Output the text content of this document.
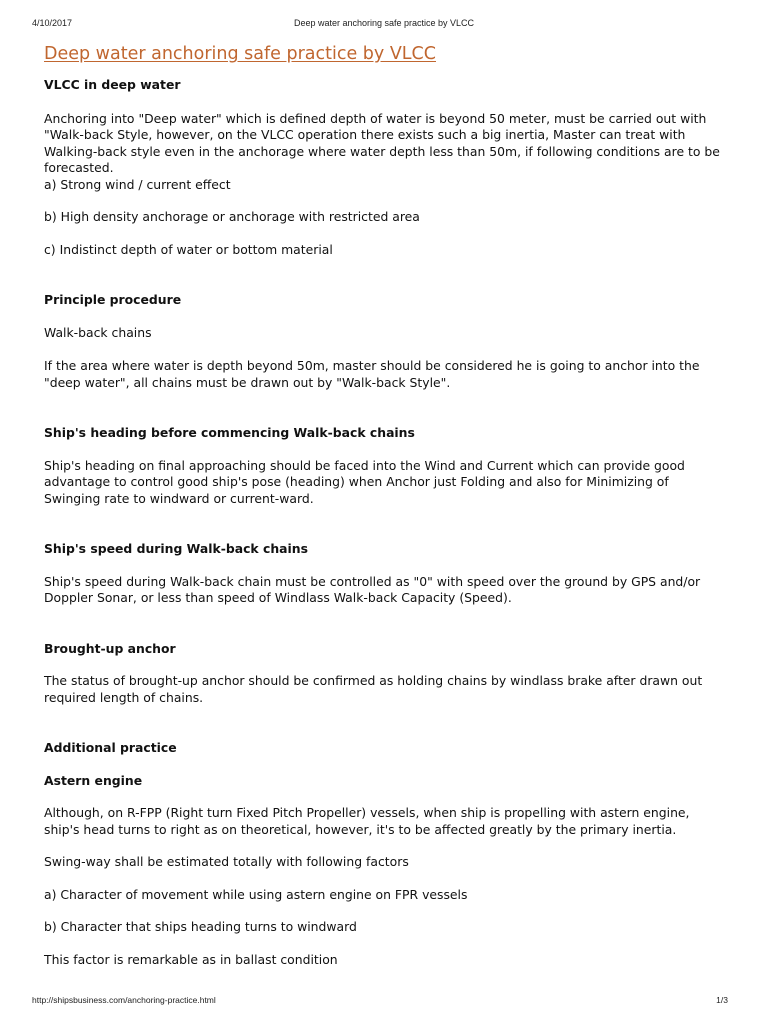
4/10/2017	Deep water anchoring safe practice by VLCC
Deep water anchoring safe practice by VLCC
VLCC in deep water

Anchoring into "Deep water" which is defined depth of water is beyond 50 meter, must be carried out with "Walk-back Style, however, on the VLCC operation there exists such a big inertia, Master can treat with Walking-back style even in the anchorage where water depth less than 50m, if following conditions are to be forecasted.

a) Strong wind / current effect

b) High density anchorage or anchorage with restricted area

c) Indistinct depth of water or bottom material

Principle procedure

Walk-back chains

If the area where water is depth beyond 50m, master should be considered he is going to anchor into the "deep water", all chains must be drawn out by "Walk-back Style".

Ship's heading before commencing Walk-back chains

Ship's heading on final approaching should be faced into the Wind and Current which can provide good advantage to control good ship's pose (heading) when Anchor just Folding and also for Minimizing of Swinging rate to windward or current-ward.

Ship's speed during Walk-back chains

Ship's speed during Walk-back chain must be controlled as "0" with speed over the ground by GPS and/or Doppler Sonar, or less than speed of Windlass Walk-back Capacity (Speed).

Brought-up anchor

The status of brought-up anchor should be confirmed as holding chains by windlass brake after drawn out required length of chains.

Additional practice
Astern engine

Although, on R-FPP (Right turn Fixed Pitch Propeller) vessels, when ship is propelling with astern engine, ship's head turns to right as on theoretical, however, it's to be affected greatly by the primary inertia.

Swing-way shall be estimated totally with following factors

a) Character of movement while using astern engine on FPR vessels

b) Character that ships heading turns to windward

This factor is remarkable as in ballast condition

http://shipsbusiness.com/anchoring-practice.html	1/3
